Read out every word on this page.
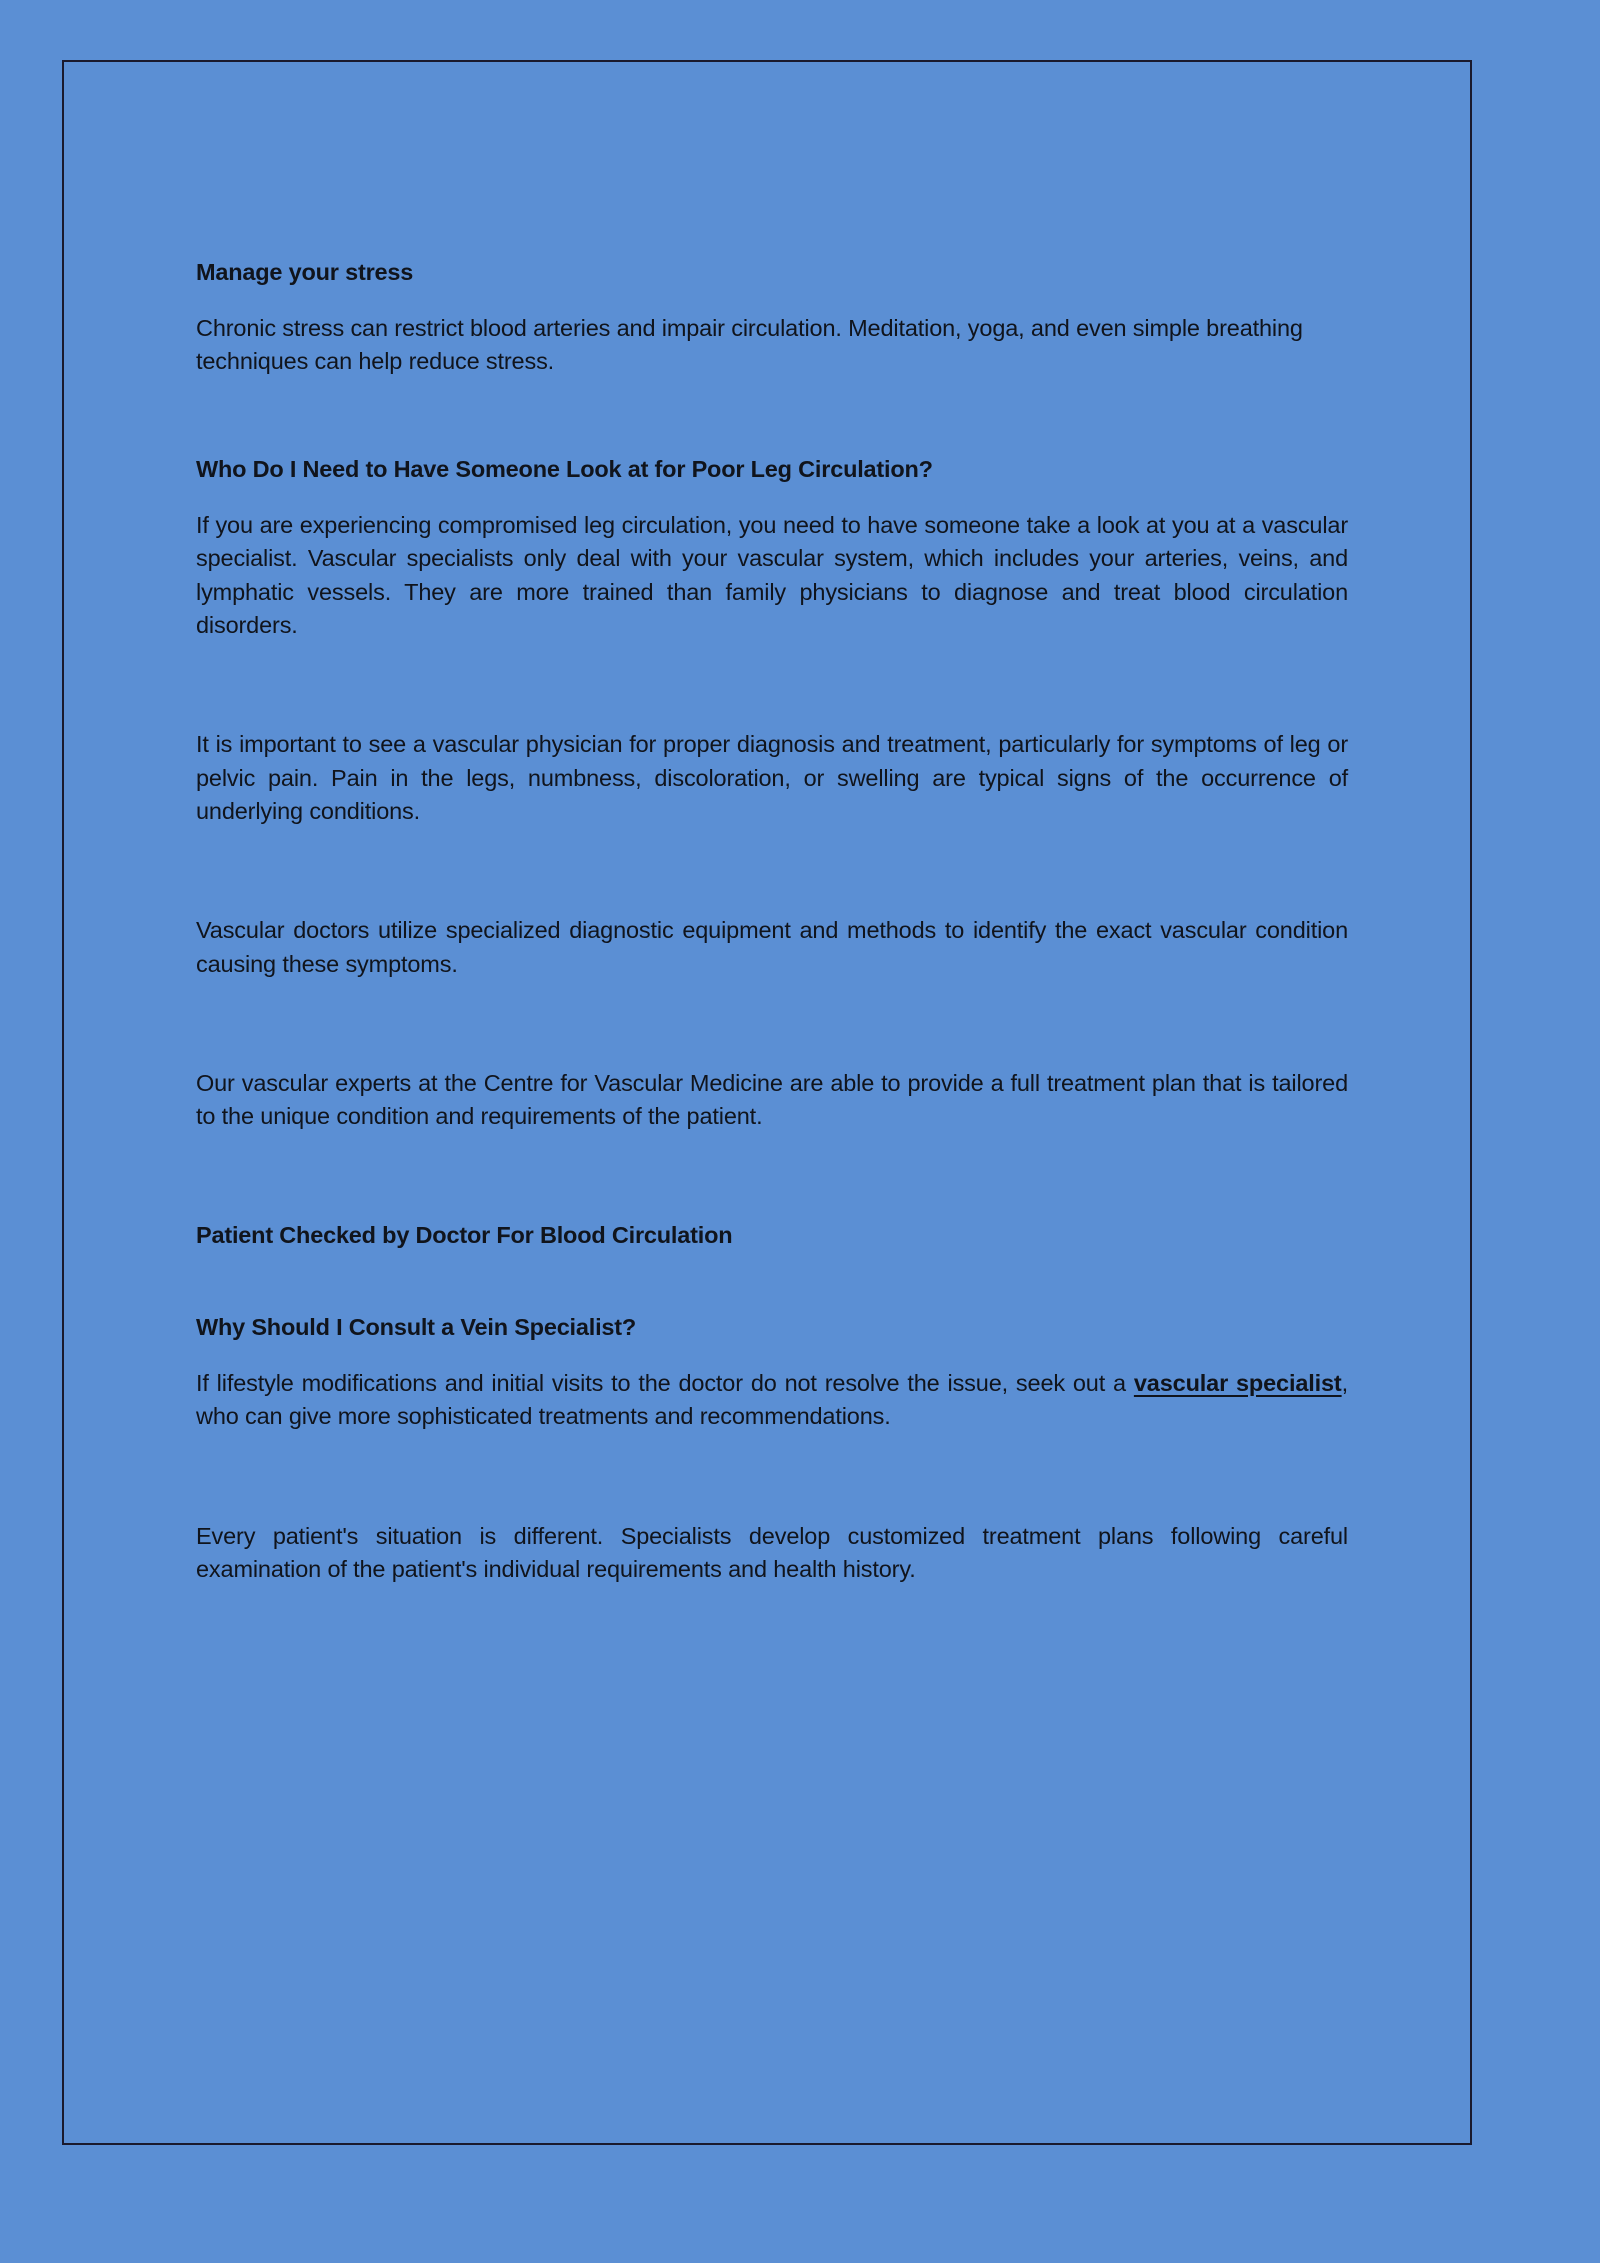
Manage your stress

Chronic stress can restrict blood arteries and impair circulation. Meditation, yoga, and even simple breathing techniques can help reduce stress.

Who Do I Need to Have Someone Look at for Poor Leg Circulation?

If you are experiencing compromised leg circulation, you need to have someone take a look at you at a vascular specialist. Vascular specialists only deal with your vascular system, which includes your arteries, veins, and lymphatic vessels. They are more trained than family physicians to diagnose and treat blood circulation disorders.

It is important to see a vascular physician for proper diagnosis and treatment, particularly for symptoms of leg or pelvic pain. Pain in the legs, numbness, discoloration, or swelling are typical signs of the occurrence of underlying conditions.

Vascular doctors utilize specialized diagnostic equipment and methods to identify the exact vascular condition causing these symptoms.

Our vascular experts at the Centre for Vascular Medicine are able to provide a full treatment plan that is tailored to the unique condition and requirements of the patient.

Patient Checked by Doctor For Blood Circulation
Why Should I Consult a Vein Specialist?

If lifestyle modifications and initial visits to the doctor do not resolve the issue, seek out a vascular specialist, who can give more sophisticated treatments and recommendations.

Every patient's situation is different. Specialists develop customized treatment plans following careful examination of the patient's individual requirements and health history.
